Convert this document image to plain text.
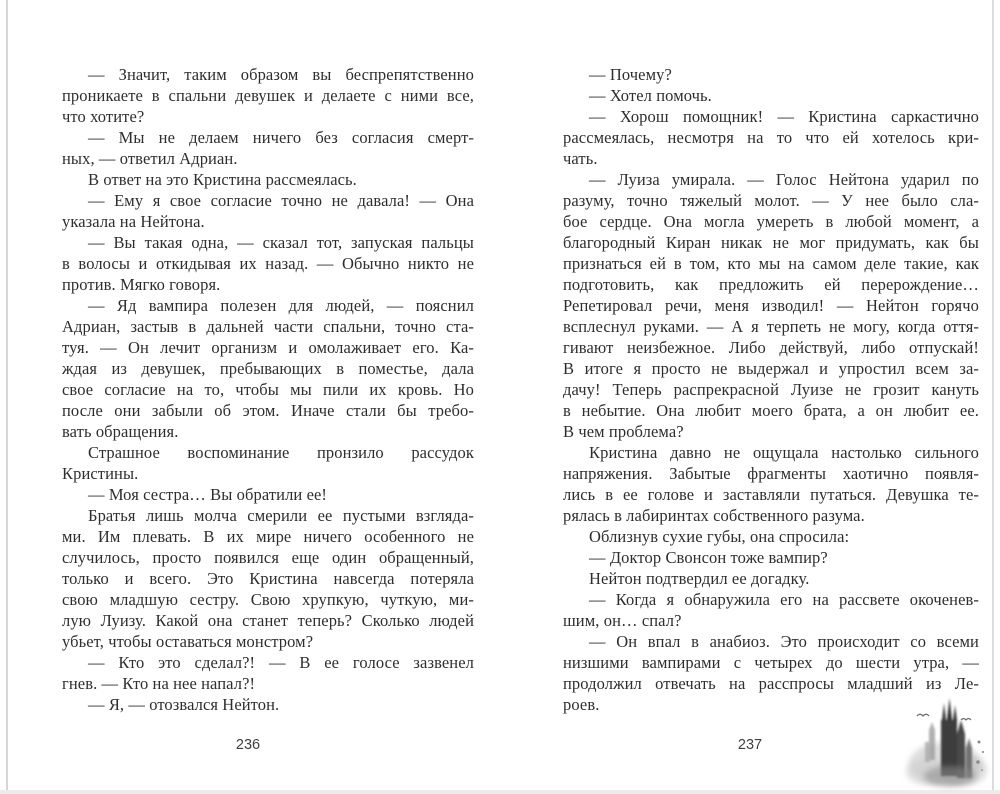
— Значит, таким образом вы беспрепятственно
проникаете в спальни девушек и делаете с ними все,
что хотите?
— Мы не делаем ничего без согласия смерт-
ных, — ответил Адриан.
В ответ на это Кристина рассмеялась.
— Ему я свое согласие точно не давала! — Она
указала на Нейтона.
— Вы такая одна, — сказал тот, запуская пальцы
в волосы и откидывая их назад. — Обычно никто не
против. Мягко говоря.
— Яд вампира полезен для людей, — пояснил
Адриан, застыв в дальней части спальни, точно ста-
туя. — Он лечит организм и омолаживает его. Ка-
ждая из девушек, пребывающих в поместье, дала
свое согласие на то, чтобы мы пили их кровь. Но
после они забыли об этом. Иначе стали бы требо-
вать обращения.
Страшное воспоминание пронзило рассудок
Кристины.
— Моя сестра… Вы обратили ее!
Братья лишь молча смерили ее пустыми взгляда-
ми. Им плевать. В их мире ничего особенного не
случилось, просто появился еще один обращенный,
только и всего. Это Кристина навсегда потеряла
свою младшую сестру. Свою хрупкую, чуткую, ми-
лую Луизу. Какой она станет теперь? Сколько людей
убьет, чтобы оставаться монстром?
— Кто это сделал?! — В ее голосе зазвенел
гнев. — Кто на нее напал?!
— Я, — отозвался Нейтон.
— Почему?
— Хотел помочь.
— Хорош помощник! — Кристина саркастично
рассмеялась, несмотря на то что ей хотелось кри-
чать.
— Луиза умирала. — Голос Нейтона ударил по
разуму, точно тяжелый молот. — У нее было сла-
бое сердце. Она могла умереть в любой момент, а
благородный Киран никак не мог придумать, как бы
признаться ей в том, кто мы на самом деле такие, как
подготовить, как предложить ей перерождение…
Репетировал речи, меня изводил! — Нейтон горячо
всплеснул руками. — А я терпеть не могу, когда оття-
гивают неизбежное. Либо действуй, либо отпускай!
В итоге я просто не выдержал и упростил всем за-
дачу! Теперь распрекрасной Луизе не грозит кануть
в небытие. Она любит моего брата, а он любит ее.
В чем проблема?
Кристина давно не ощущала настолько сильного
напряжения. Забытые фрагменты хаотично появля-
лись в ее голове и заставляли путаться. Девушка те-
рялась в лабиринтах собственного разума.
Облизнув сухие губы, она спросила:
— Доктор Свонсон тоже вампир?
Нейтон подтвердил ее догадку.
— Когда я обнаружила его на рассвете окоченев-
шим, он… спал?
— Он впал в анабиоз. Это происходит со всеми
низшими вампирами с четырех до шести утра, —
продолжил отвечать на расспросы младший из Ле-
роев.
236	237
